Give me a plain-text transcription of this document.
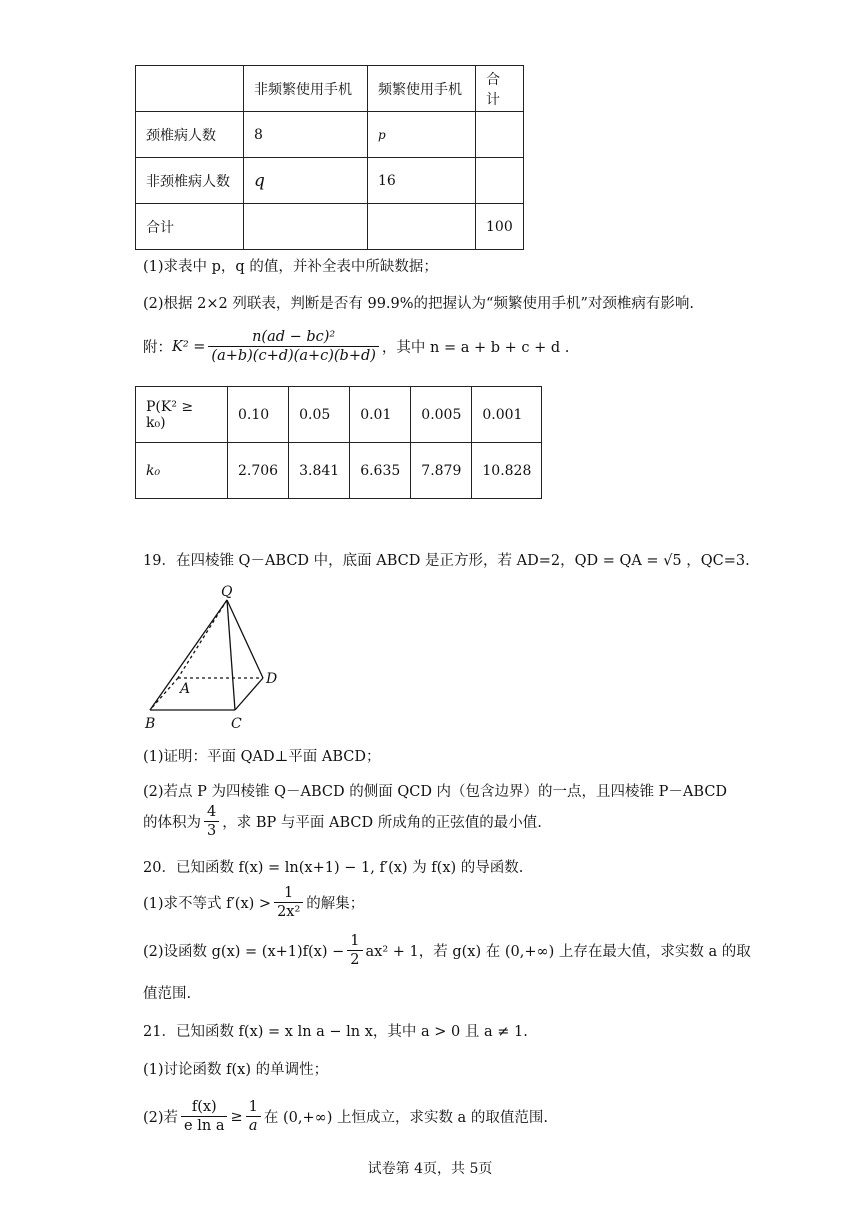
	非频繁使用手机	频繁使用手机	合计
颈椎病人数	8	p	
非颈椎病人数	q	16	
合计			100
(1)求表中 p，q 的值，并补全表中所缺数据；
(2)根据 2×2 列联表，判断是否有 99.9%的把握认为“频繁使用手机”对颈椎病有影响.
附： $K^2 = \frac{\text{n(ad − bc)²}}{(a+b)(c+d)(a+c)(b+d)}$ ，其中 n = a + b + c + d .
P(K² ≥ k₀)	0.10	0.05	0.01	0.005	0.001
k₀	2.706	3.841	6.635	7.879	10.828
19．在四棱锥 Q－ABCD 中，底面 ABCD 是正方形，若 AD=2，QD = QA = √5 ，QC=3.
Q
A
B	C
D
(1)证明：平面 QAD⊥平面 ABCD；
(2)若点 P 为四棱锥 Q－ABCD 的侧面 QCD 内（包含边界）的一点，且四棱锥 P－ABCD
的体积为 $\frac{4}{3}$ ，求 BP 与平面 ABCD 所成角的正弦值的最小值.
20．已知函数 f(x) = ln(x+1) − 1, f′(x) 为 f(x) 的导函数.
(1)求不等式 $f'(x) > \frac{1}{\text{2x²}}$ 的解集；
(2)设函数 $g(x) = (x+1)f(x) - \frac{1}{2} ax^2 + 1$，若 g(x) 在 (0,+∞) 上存在最大值，求实数 a 的取
值范围.
21．已知函数 f(x) = x ln a − ln x，其中 a > 0 且 a ≠ 1.
(1)讨论函数 f(x) 的单调性；
(2)若 $\frac{f(x)}{\text{e ln a}} \ge \frac{1}{a}$ 在 (0,+∞) 上恒成立，求实数 a 的取值范围.
试卷第 4页，共 5页
